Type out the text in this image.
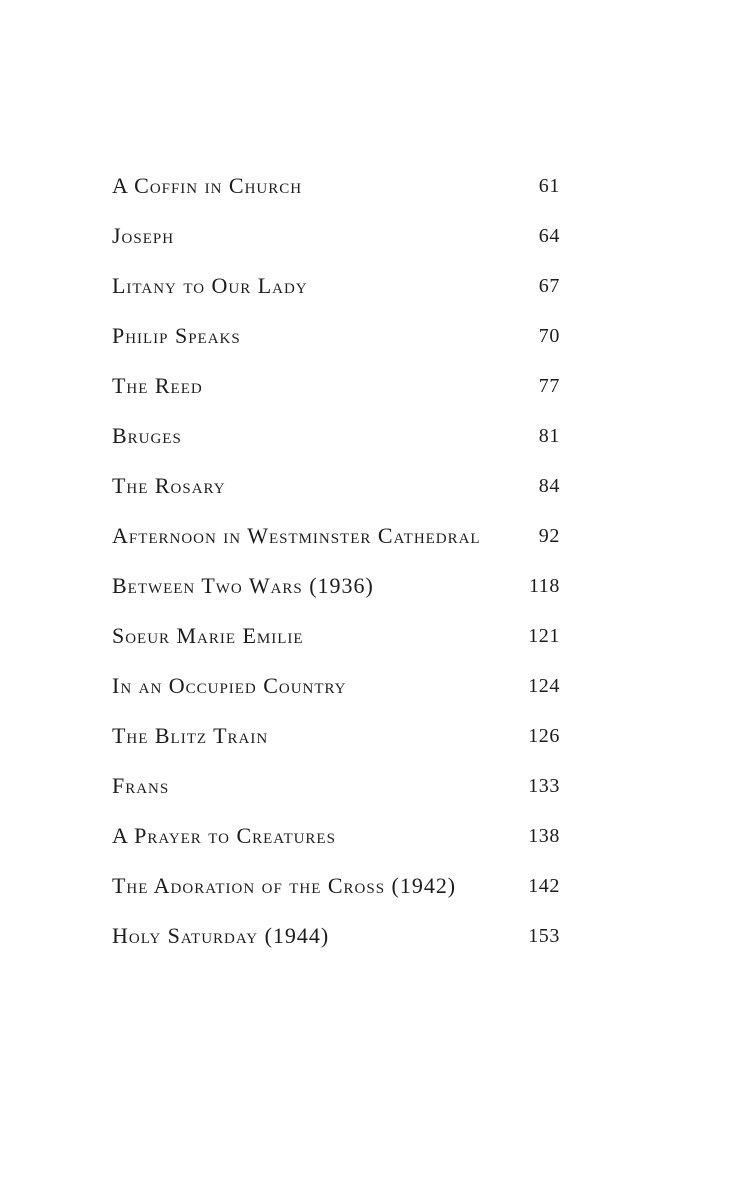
A Coffin in Church	61
Joseph	64
Litany to Our Lady	67
Philip Speaks	70
The Reed	77
Bruges	81
The Rosary	84
Afternoon in Westminster Cathedral	92
Between Two Wars (1936)	118
Soeur Marie Emilie	121
In an Occupied Country	124
The Blitz Train	126
Frans	133
A Prayer to Creatures	138
The Adoration of the Cross (1942)	142
Holy Saturday (1944)	153
